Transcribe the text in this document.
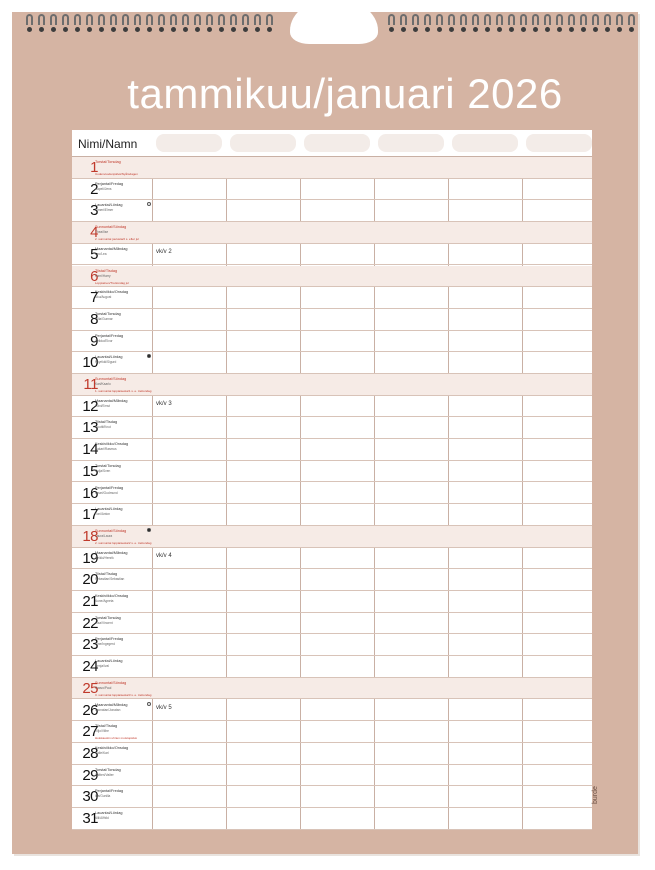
tammikuu/januari 2026
Nimi/Namn
1
Torstai/Torsdag
Uudenvuodenpäivä/Nyårsdagen
2
Perjantai/Fredag
Aapeli/Jens
3
Lauantai/Lördag
Elmeri/Elmer
4
Sunnuntai/Söndag
Thea/Ilse
2. sunnuntai joulusta/2 s. efter jul
5
Maanantai/Måndag
Leo/Lea	vk/v 2
6
Tiistai/Tisdag
Harri/Harry
Loppiainen/Trettondag jul
7
Keskiviikko/Onsdag
Aku/August
8
Torstai/Torsdag
Hilla/Gunnar
9
Perjantai/Fredag
Veikko/Elvor
10
Lauantai/Lördag
Nyyrikki/Sigurd
11
Sunnuntai/Söndag
Kari/Kaarlo
1. sunnuntai loppiaisesta/1 s. e. trettondag
12
Maanantai/Måndag
Toini/Ernst	vk/v 3
13
Tiistai/Tisdag
Nuutti/Knut
14
Keskiviikko/Onsdag
Sakari/Rasmus
15
Torstai/Torsdag
Solja/Sven
16
Perjantai/Fredag
Ilmari/Gudmund
17
Lauantai/Lördag
Toni/Anton
18
Sunnuntai/Söndag
Laura/Laura
2. sunnuntai loppiaisesta/2 s. e. trettondag
19
Maanantai/Måndag
Heikki/Henrik	vk/v 4
20
Tiistai/Tisdag
Sebastian/Sebastian
21
Keskiviikko/Onsdag
Aune/Agneta
22
Torstai/Torsdag
Visa/Vincent
23
Perjantai/Fredag
Eine/Ingegerd
24
Lauantai/Lördag
Senja/Ival
25
Sunnuntai/Söndag
Paavo/Paul
3. sunnuntai loppiaisesta/3 s. e. trettondag
26
Maanantai/Måndag
Joonatan/Jonatan	vk/v 5
27
Tiistai/Tisdag
Viljo/Vilhe
Holokaustin uhrien muistopäivä
28
Keskiviikko/Onsdag
Kalle/Karl
29
Torstai/Torsdag
Valtteri/Valter
30
Perjantai/Fredag
Irja/Gunilla
31
Lauantai/Lördag
Alli/Alfhild
burde
